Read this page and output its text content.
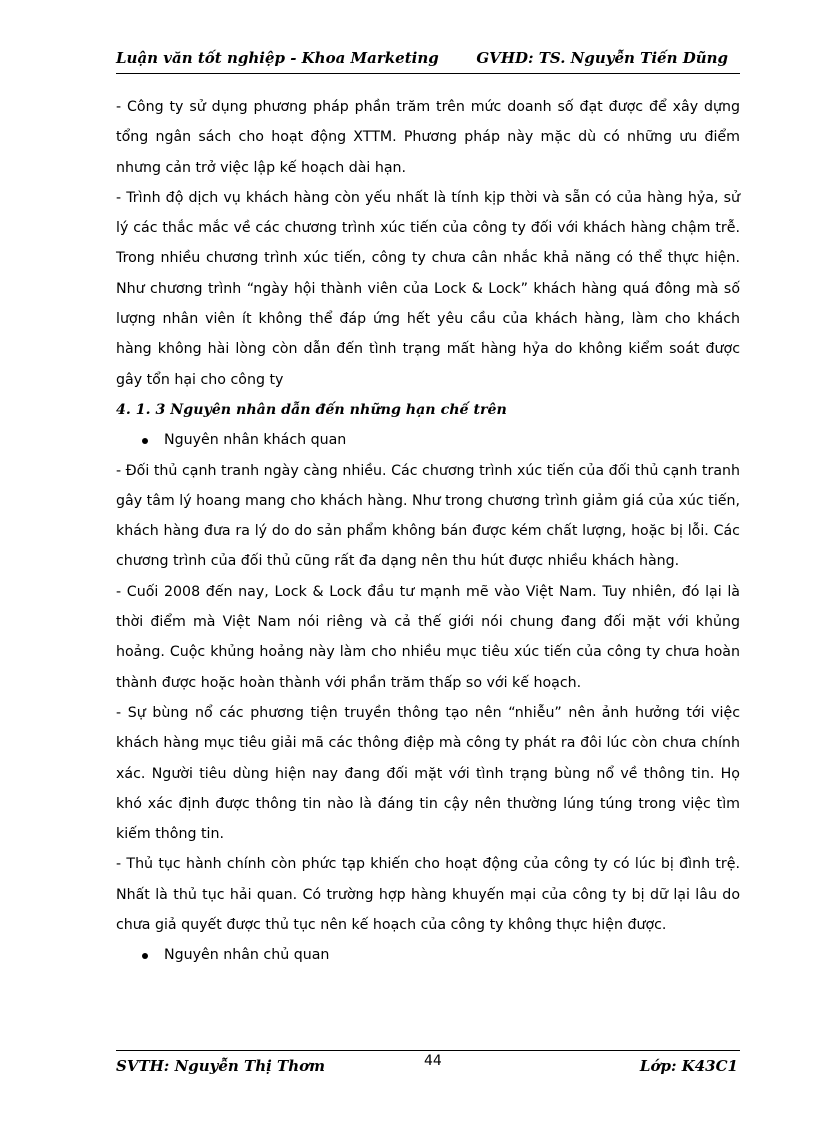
Luận văn tốt nghiệp - Khoa Marketing	GVHD: TS. Nguyễn Tiến Dũng

- Công ty sử dụng phương pháp phần trăm trên mức doanh số đạt được để xây dựng tổng ngân sách cho hoạt động XTTM. Phương pháp này mặc dù có những ưu điểm nhưng cản trở việc lập kế hoạch dài hạn.

- Trình độ dịch vụ khách hàng còn yếu nhất là tính kịp thời và sẵn có của hàng hỷa, sử lý các thắc mắc về các chương trình xúc tiến của công ty đối với khách hàng chậm trễ. Trong nhiều chương trình xúc tiến, công ty chưa cân nhắc khả năng có thể thực hiện. Như chương trình “ngày hội thành viên của Lock & Lock” khách hàng quá đông mà số lượng nhân viên ít không thể đáp ứng hết yêu cầu của khách hàng, làm cho khách hàng không hài lòng còn dẫn đến tình trạng mất hàng hỷa do không kiểm soát được gây tổn hại cho công ty

4. 1. 3 Nguyên nhân dẫn đến những hạn chế trên

Nguyên nhân khách quan

- Đối thủ cạnh tranh ngày càng nhiều. Các chương trình xúc tiến của đối thủ cạnh tranh gây tâm lý hoang mang cho khách hàng. Như trong chương trình giảm giá của xúc tiến, khách hàng đưa ra lý do do sản phẩm không bán được kém chất lượng, hoặc bị lỗi. Các chương trình của đối thủ cũng rất đa dạng nên thu hút được nhiều khách hàng.

- Cuối 2008 đến nay, Lock & Lock đầu tư mạnh mẽ vào Việt Nam. Tuy nhiên, đó lại là thời điểm mà Việt Nam nói riêng và cả thế giới nói chung đang đối mặt với khủng hoảng. Cuộc khủng hoảng này làm cho nhiều mục tiêu xúc tiến của công ty chưa hoàn thành được hoặc hoàn thành với phần trăm thấp so với kế hoạch.

- Sự bùng nổ các phương tiện truyền thông tạo nên “nhiễu” nên ảnh hưởng tới việc khách hàng mục tiêu giải mã các thông điệp mà công ty phát ra đôi lúc còn chưa chính xác. Người tiêu dùng hiện nay đang đối mặt với tình trạng bùng nổ về thông tin. Họ khó xác định được thông tin nào là đáng tin cậy nên thường lúng túng trong việc tìm kiếm thông tin.

- Thủ tục hành chính còn phức tạp khiến cho hoạt động của công ty có lúc bị đình trệ. Nhất là thủ tục hải quan. Có trường hợp hàng khuyến mại của công ty bị dữ lại lâu do chưa giả quyết được thủ tục nên kế hoạch của công ty không thực hiện được.

Nguyên nhân chủ quan

SVTH: Nguyễn Thị Thơm	44	Lớp: K43C1
